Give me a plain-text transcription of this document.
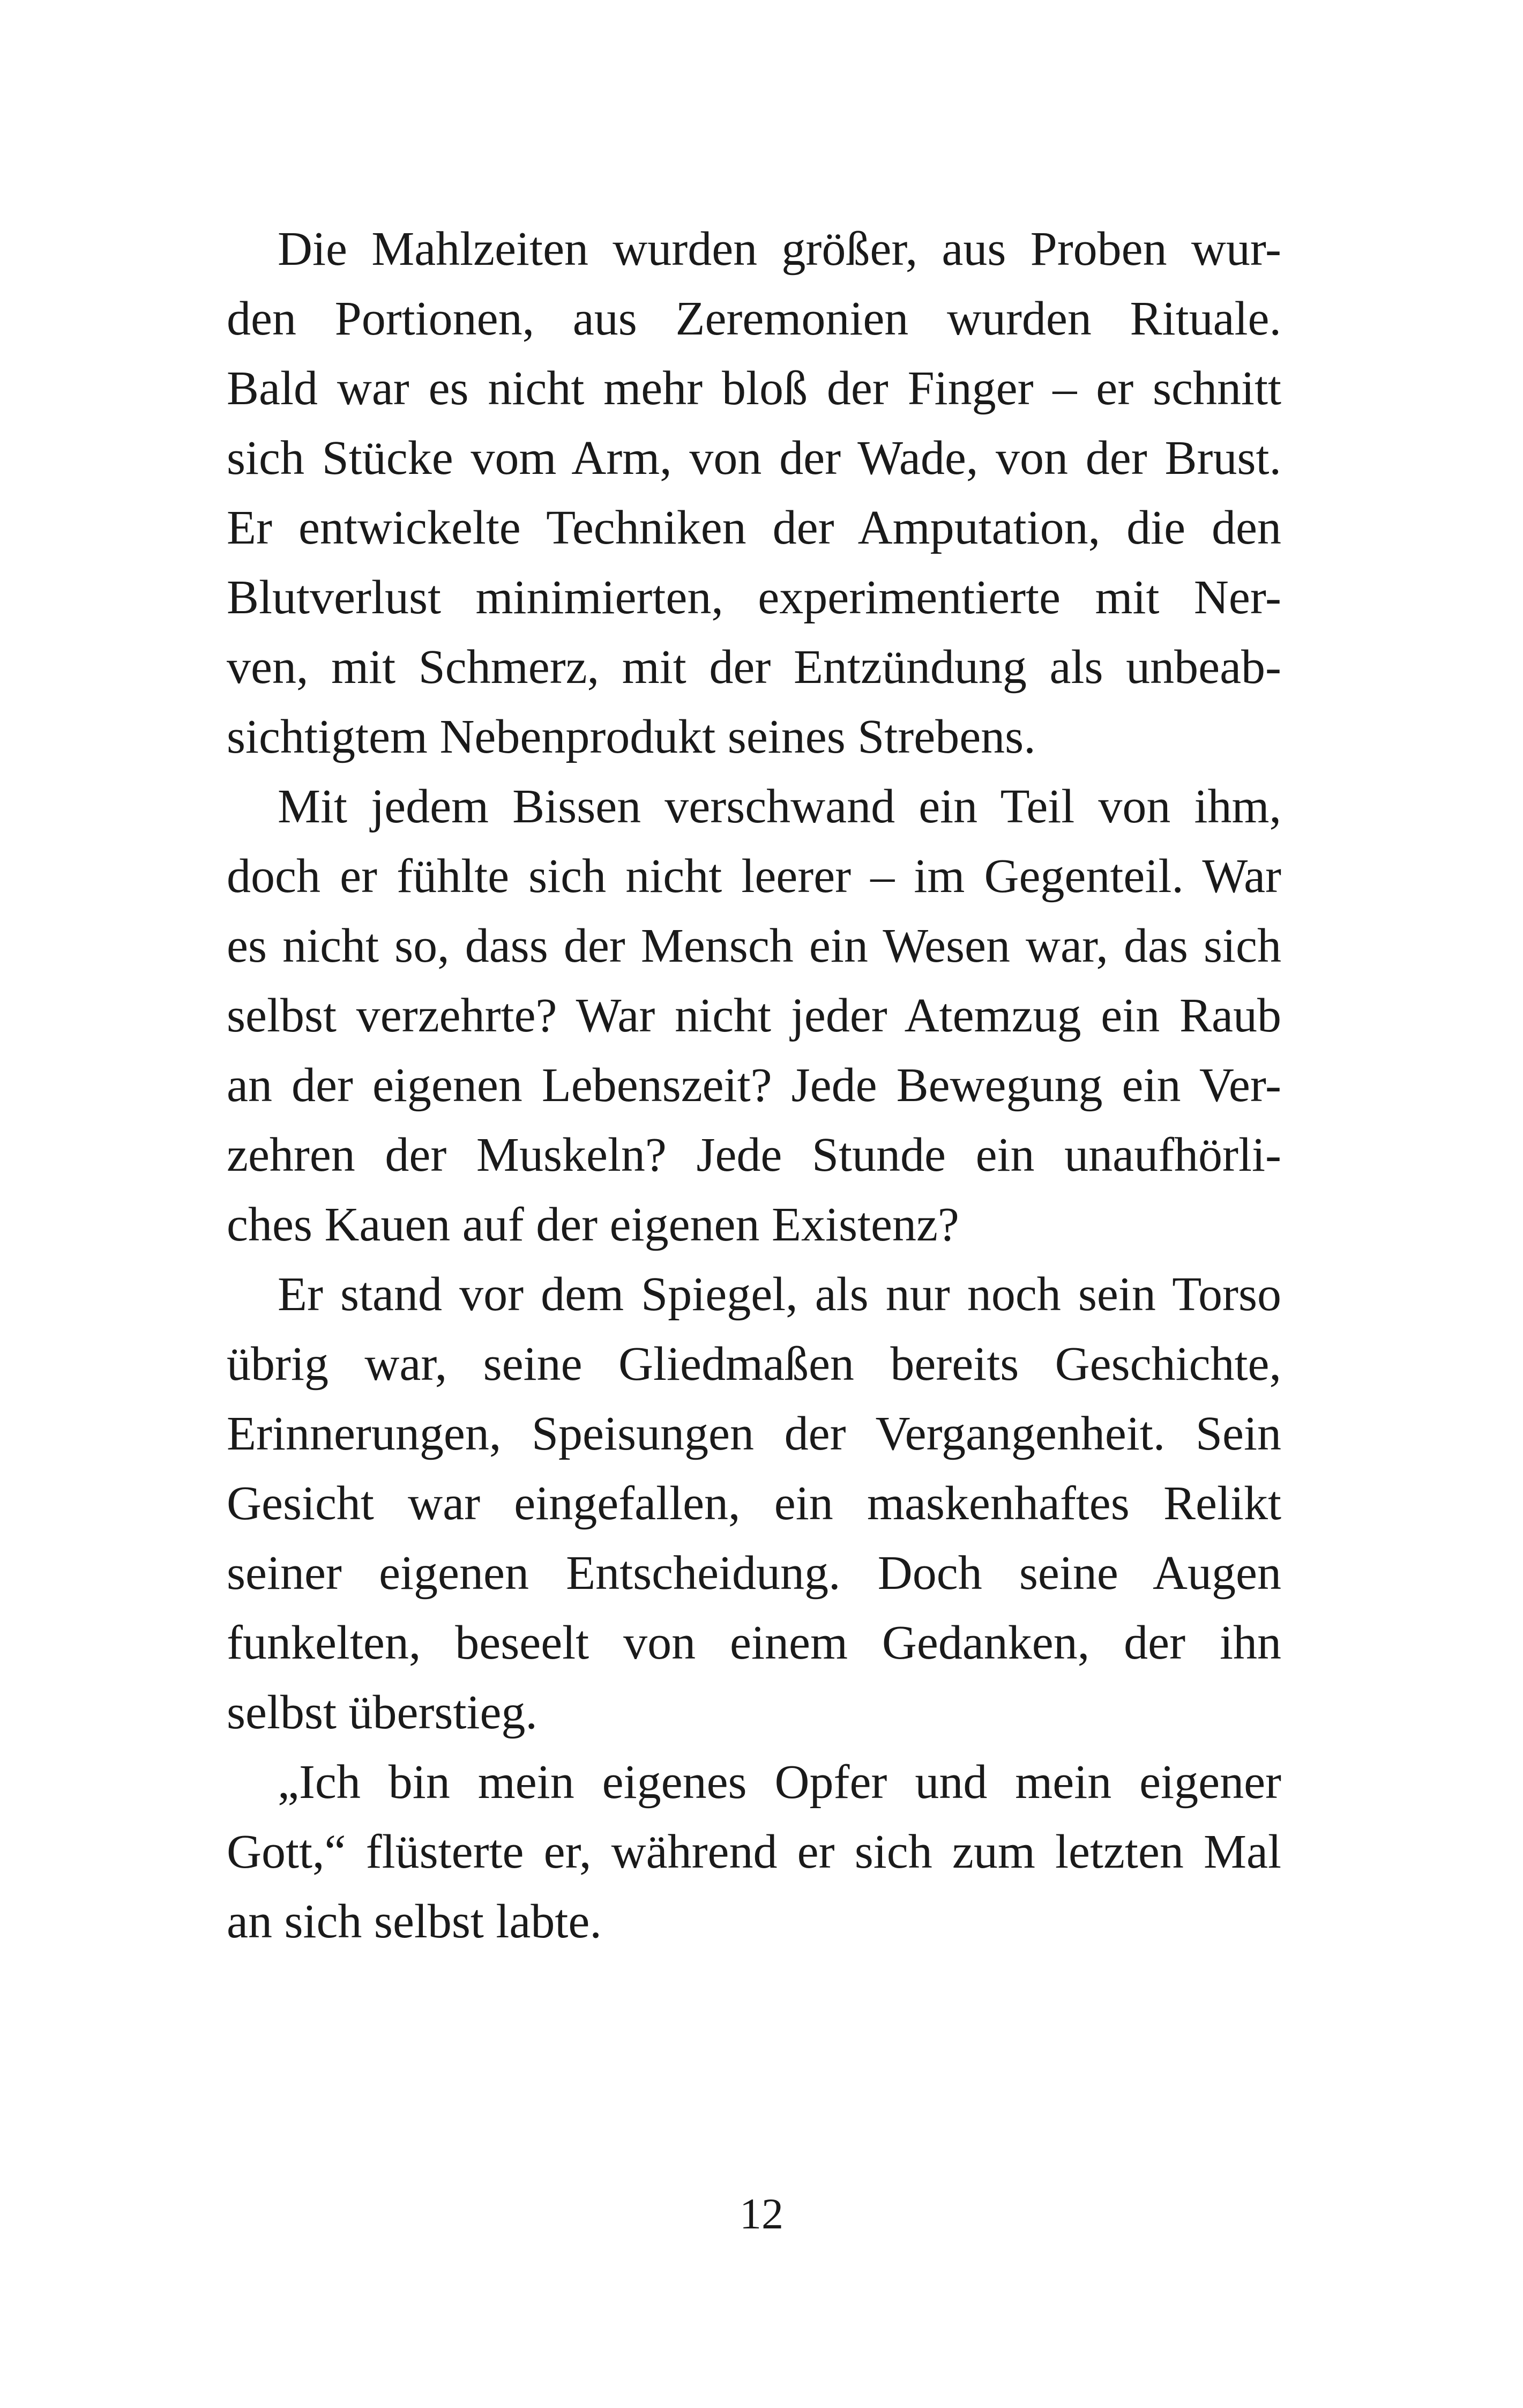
Die Mahlzeiten wurden größer, aus Proben wur-
den Portionen, aus Zeremonien wurden Rituale.
Bald war es nicht mehr bloß der Finger – er schnitt
sich Stücke vom Arm, von der Wade, von der Brust.
Er entwickelte Techniken der Amputation, die den
Blutverlust minimierten, experimentierte mit Ner-
ven, mit Schmerz, mit der Entzündung als unbeab-
sichtigtem Nebenprodukt seines Strebens.
Mit jedem Bissen verschwand ein Teil von ihm,
doch er fühlte sich nicht leerer – im Gegenteil. War
es nicht so, dass der Mensch ein Wesen war, das sich
selbst verzehrte? War nicht jeder Atemzug ein Raub
an der eigenen Lebenszeit? Jede Bewegung ein Ver-
zehren der Muskeln? Jede Stunde ein unaufhörli-
ches Kauen auf der eigenen Existenz?
Er stand vor dem Spiegel, als nur noch sein Torso
übrig war, seine Gliedmaßen bereits Geschichte,
Erinnerungen, Speisungen der Vergangenheit. Sein
Gesicht war eingefallen, ein maskenhaftes Relikt
seiner eigenen Entscheidung. Doch seine Augen
funkelten, beseelt von einem Gedanken, der ihn
selbst überstieg.
„Ich bin mein eigenes Opfer und mein eigener
Gott,“ flüsterte er, während er sich zum letzten Mal
an sich selbst labte.
12
